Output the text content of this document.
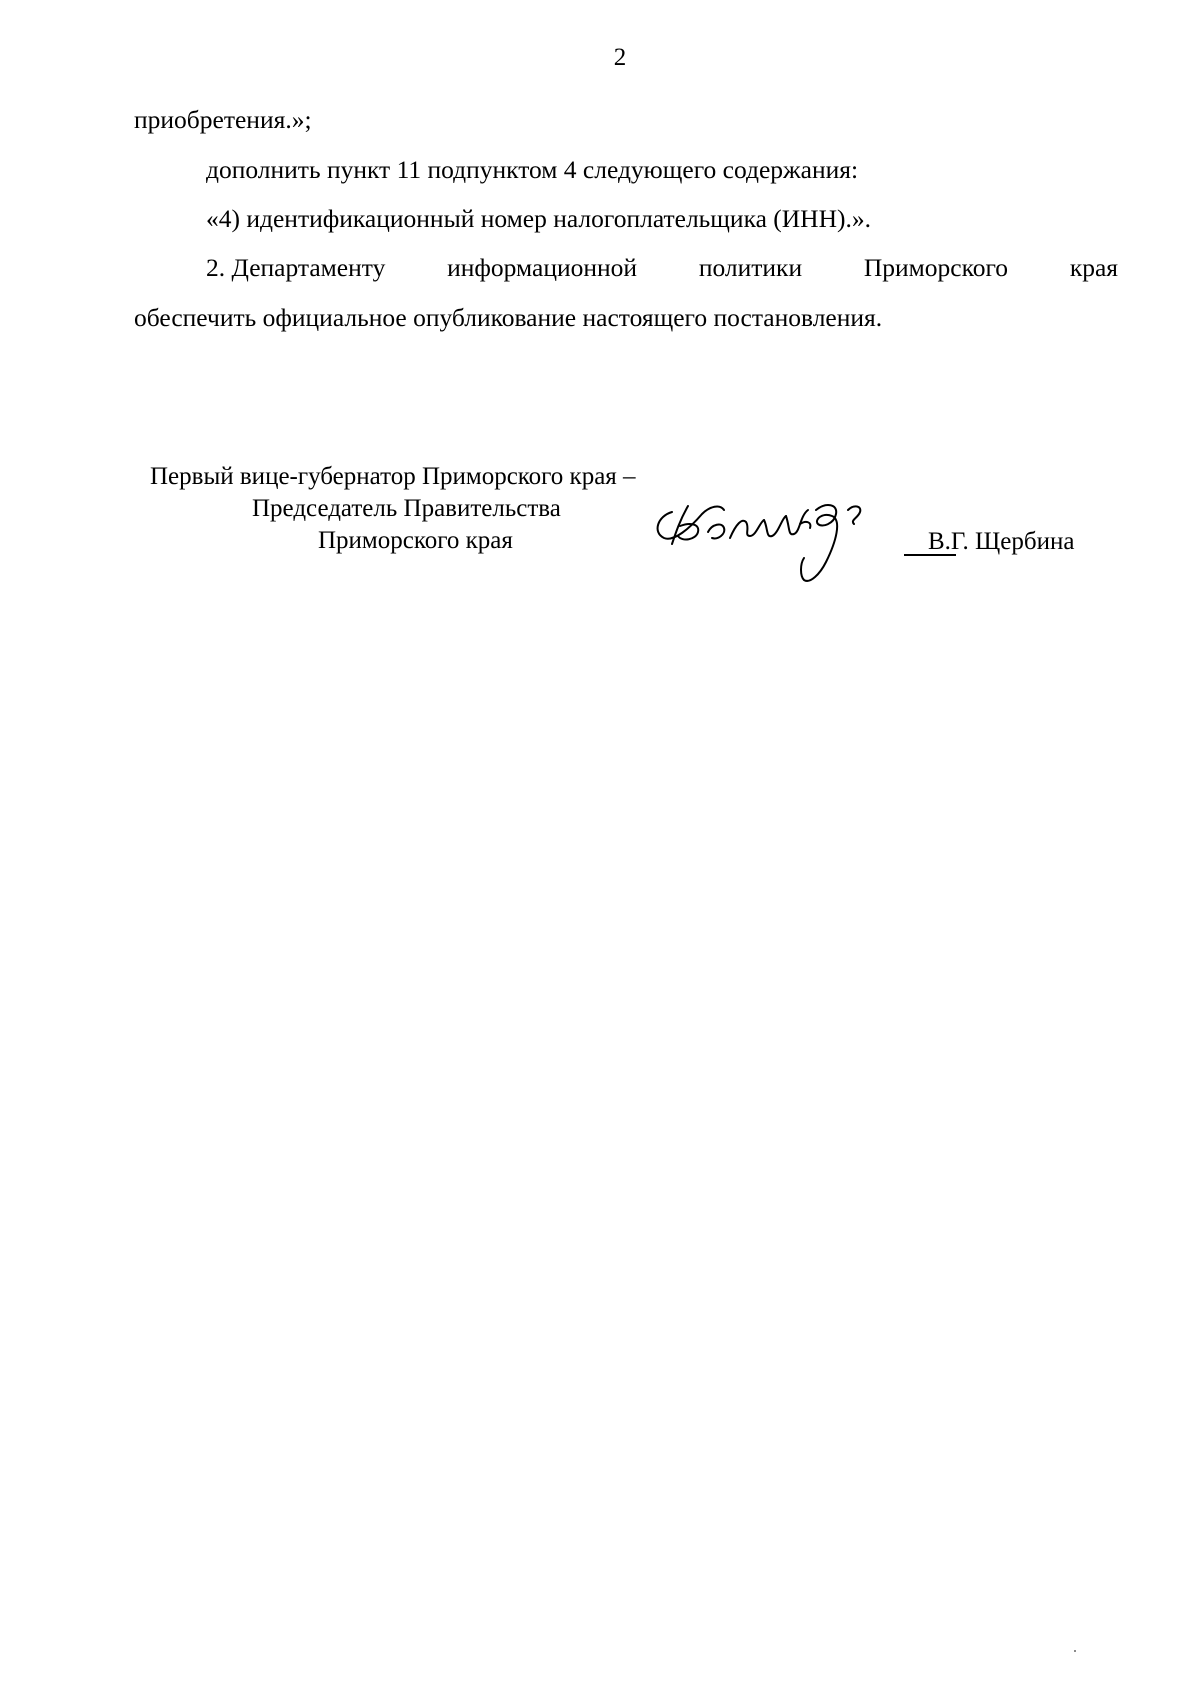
2
приобретения.»;
дополнить пункт 11 подпунктом 4 следующего содержания:
«4) идентификационный номер налогоплательщика (ИНН).».
2. Департаменту информационной политики Приморского края
обеспечить официальное опубликование настоящего постановления.
Первый вице-губернатор Приморского края –
Председатель Правительства
Приморского края	В.Г. Щербина
